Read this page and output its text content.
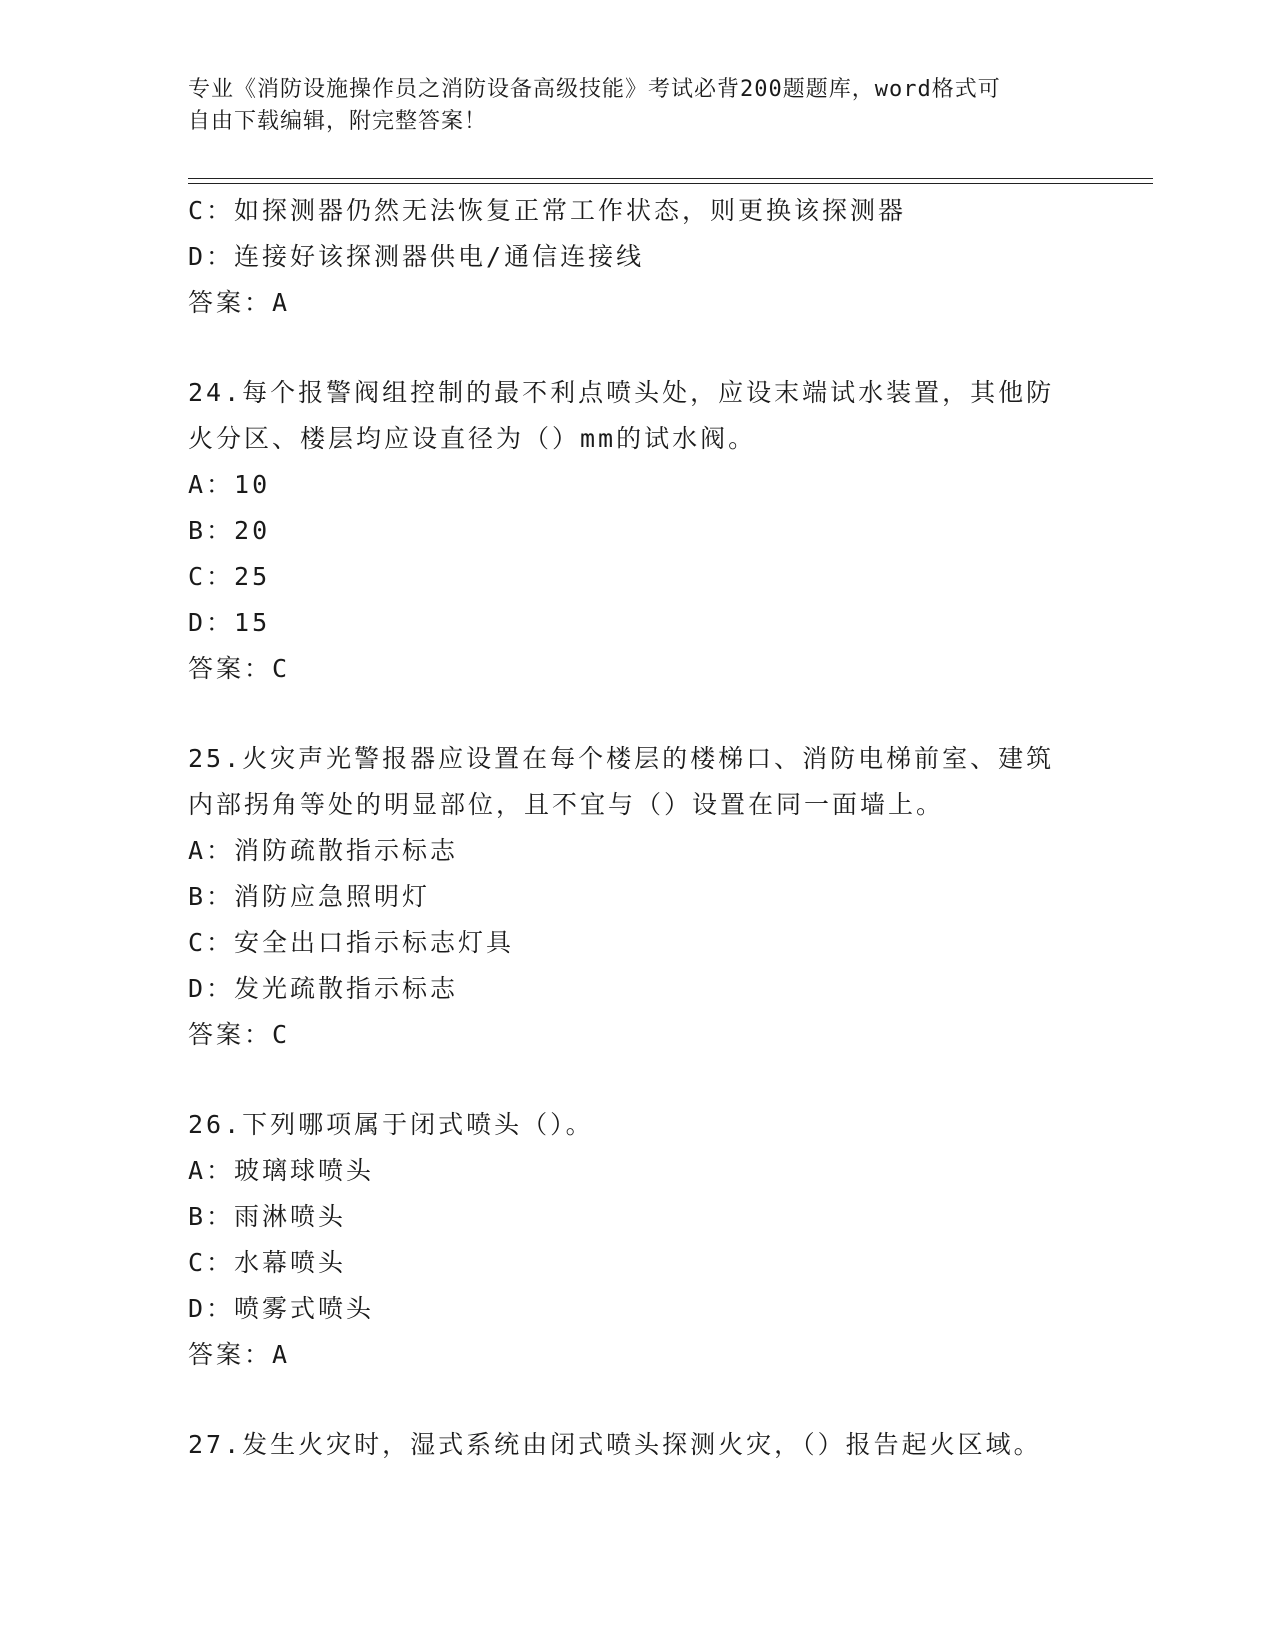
专业《消防设施操作员之消防设备高级技能》考试必背200题题库，word格式可
自由下载编辑，附完整答案！
C：如探测器仍然无法恢复正常工作状态，则更换该探测器
D：连接好该探测器供电/通信连接线
答案：A
24.每个报警阀组控制的最不利点喷头处，应设末端试水装置，其他防
火分区、楼层均应设直径为（）mm的试水阀。
A：10
B：20
C：25
D：15
答案：C
25.火灾声光警报器应设置在每个楼层的楼梯口、消防电梯前室、建筑
内部拐角等处的明显部位，且不宜与（）设置在同一面墙上。
A：消防疏散指示标志
B：消防应急照明灯
C：安全出口指示标志灯具
D：发光疏散指示标志
答案：C
26.下列哪项属于闭式喷头（）。
A：玻璃球喷头
B：雨淋喷头
C：水幕喷头
D：喷雾式喷头
答案：A
27.发生火灾时，湿式系统由闭式喷头探测火灾，（）报告起火区域。
